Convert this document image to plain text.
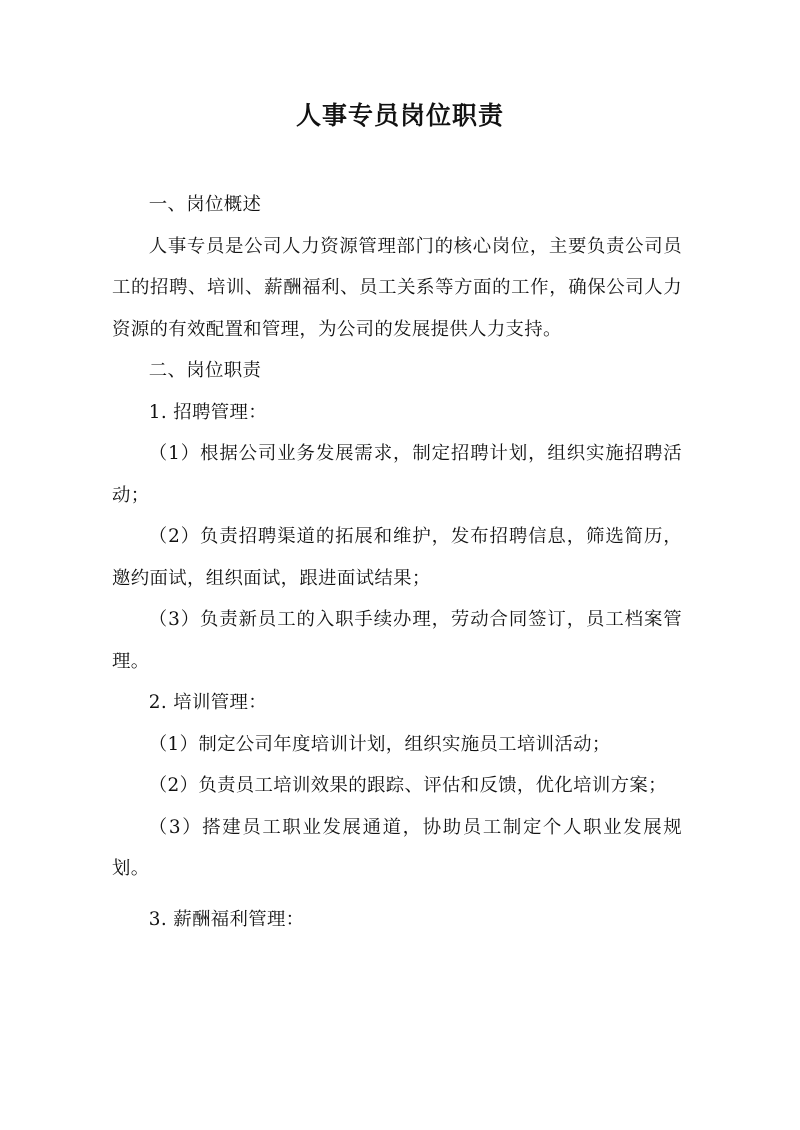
人事专员岗位职责

一、岗位概述

人事专员是公司人力资源管理部门的核心岗位，主要负责公司员工的招聘、培训、薪酬福利、员工关系等方面的工作，确保公司人力资源的有效配置和管理，为公司的发展提供人力支持。

二、岗位职责

1. 招聘管理：

（1）根据公司业务发展需求，制定招聘计划，组织实施招聘活动；

（2）负责招聘渠道的拓展和维护，发布招聘信息，筛选简历，邀约面试，组织面试，跟进面试结果；

（3）负责新员工的入职手续办理，劳动合同签订，员工档案管理。

2. 培训管理：

（1）制定公司年度培训计划，组织实施员工培训活动；

（2）负责员工培训效果的跟踪、评估和反馈，优化培训方案；

（3）搭建员工职业发展通道，协助员工制定个人职业发展规划。

3. 薪酬福利管理：
